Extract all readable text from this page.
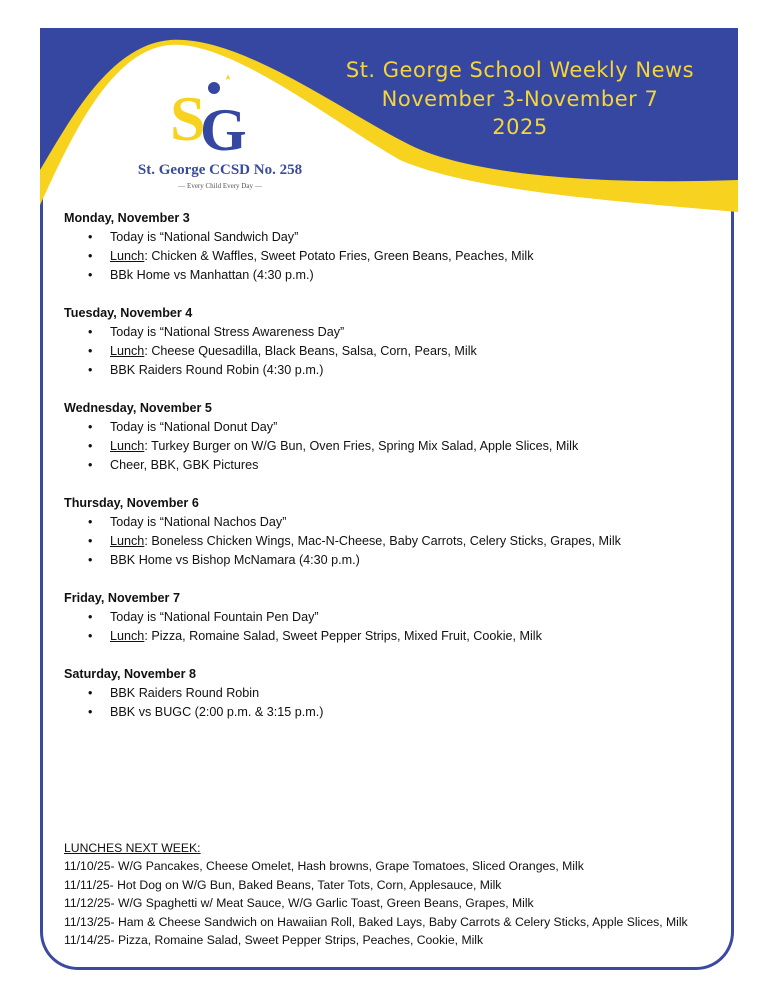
S
G
St. George CCSD No. 258
— Every Child Every Day —
St. George School Weekly News
November 3-November 7
2025
Monday, November 3
• Today is “National Sandwich Day”
• Lunch: Chicken & Waffles, Sweet Potato Fries, Green Beans, Peaches, Milk
• BBk Home vs Manhattan (4:30 p.m.)
Tuesday, November 4
• Today is “National Stress Awareness Day”
• Lunch: Cheese Quesadilla, Black Beans, Salsa, Corn, Pears, Milk
• BBK Raiders Round Robin (4:30 p.m.)
Wednesday, November 5
• Today is “National Donut Day”
• Lunch: Turkey Burger on W/G Bun, Oven Fries, Spring Mix Salad, Apple Slices, Milk
• Cheer, BBK, GBK Pictures
Thursday, November 6
• Today is “National Nachos Day”
• Lunch: Boneless Chicken Wings, Mac-N-Cheese, Baby Carrots, Celery Sticks, Grapes, Milk
• BBK Home vs Bishop McNamara (4:30 p.m.)
Friday, November 7
• Today is “National Fountain Pen Day”
• Lunch: Pizza, Romaine Salad, Sweet Pepper Strips, Mixed Fruit, Cookie, Milk
Saturday, November 8
• BBK Raiders Round Robin
• BBK vs BUGC (2:00 p.m. & 3:15 p.m.)
LUNCHES NEXT WEEK:
11/10/25- W/G Pancakes, Cheese Omelet, Hash browns, Grape Tomatoes, Sliced Oranges, Milk
11/11/25- Hot Dog on W/G Bun, Baked Beans, Tater Tots, Corn, Applesauce, Milk
11/12/25- W/G Spaghetti w/ Meat Sauce, W/G Garlic Toast, Green Beans, Grapes, Milk
11/13/25- Ham & Cheese Sandwich on Hawaiian Roll, Baked Lays, Baby Carrots & Celery Sticks, Apple Slices, Milk
11/14/25- Pizza, Romaine Salad, Sweet Pepper Strips, Peaches, Cookie, Milk
